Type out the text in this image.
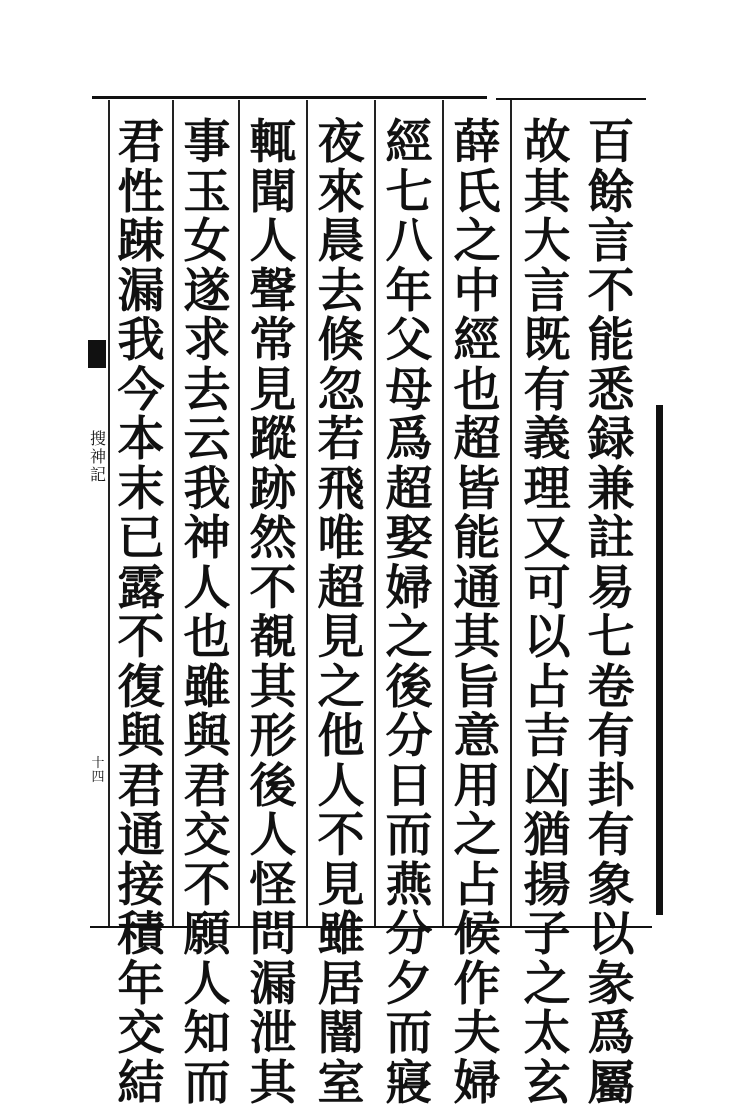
百
餘
言
不
能
悉
録
兼
註
易
七
卷
有
卦
有
象
以
彖
爲
屬
故
其
大
言
既
有
義
理
又
可
以
占
吉
凶
猶
揚
子
之
太
玄
薛
氏
之
中
經
也
超
皆
能
通
其
旨
意
用
之
占
候
作
夫
婦
經
七
八
年
父
母
爲
超
娶
婦
之
後
分
日
而
燕
分
夕
而
寢
夜
來
晨
去
倏
忽
若
飛
唯
超
見
之
他
人
不
見
雖
居
闇
室
輒
聞
人
聲
常
見
蹤
跡
然
不
覩
其
形
後
人
怪
問
漏
泄
其
事
玉
女
遂
求
去
云
我
神
人
也
雖
與
君
交
不
願
人
知
而
君
性
踈
漏
我
今
本
末
已
露
不
復
與
君
通
接
積
年
交
結
搜
神
記
十
四
